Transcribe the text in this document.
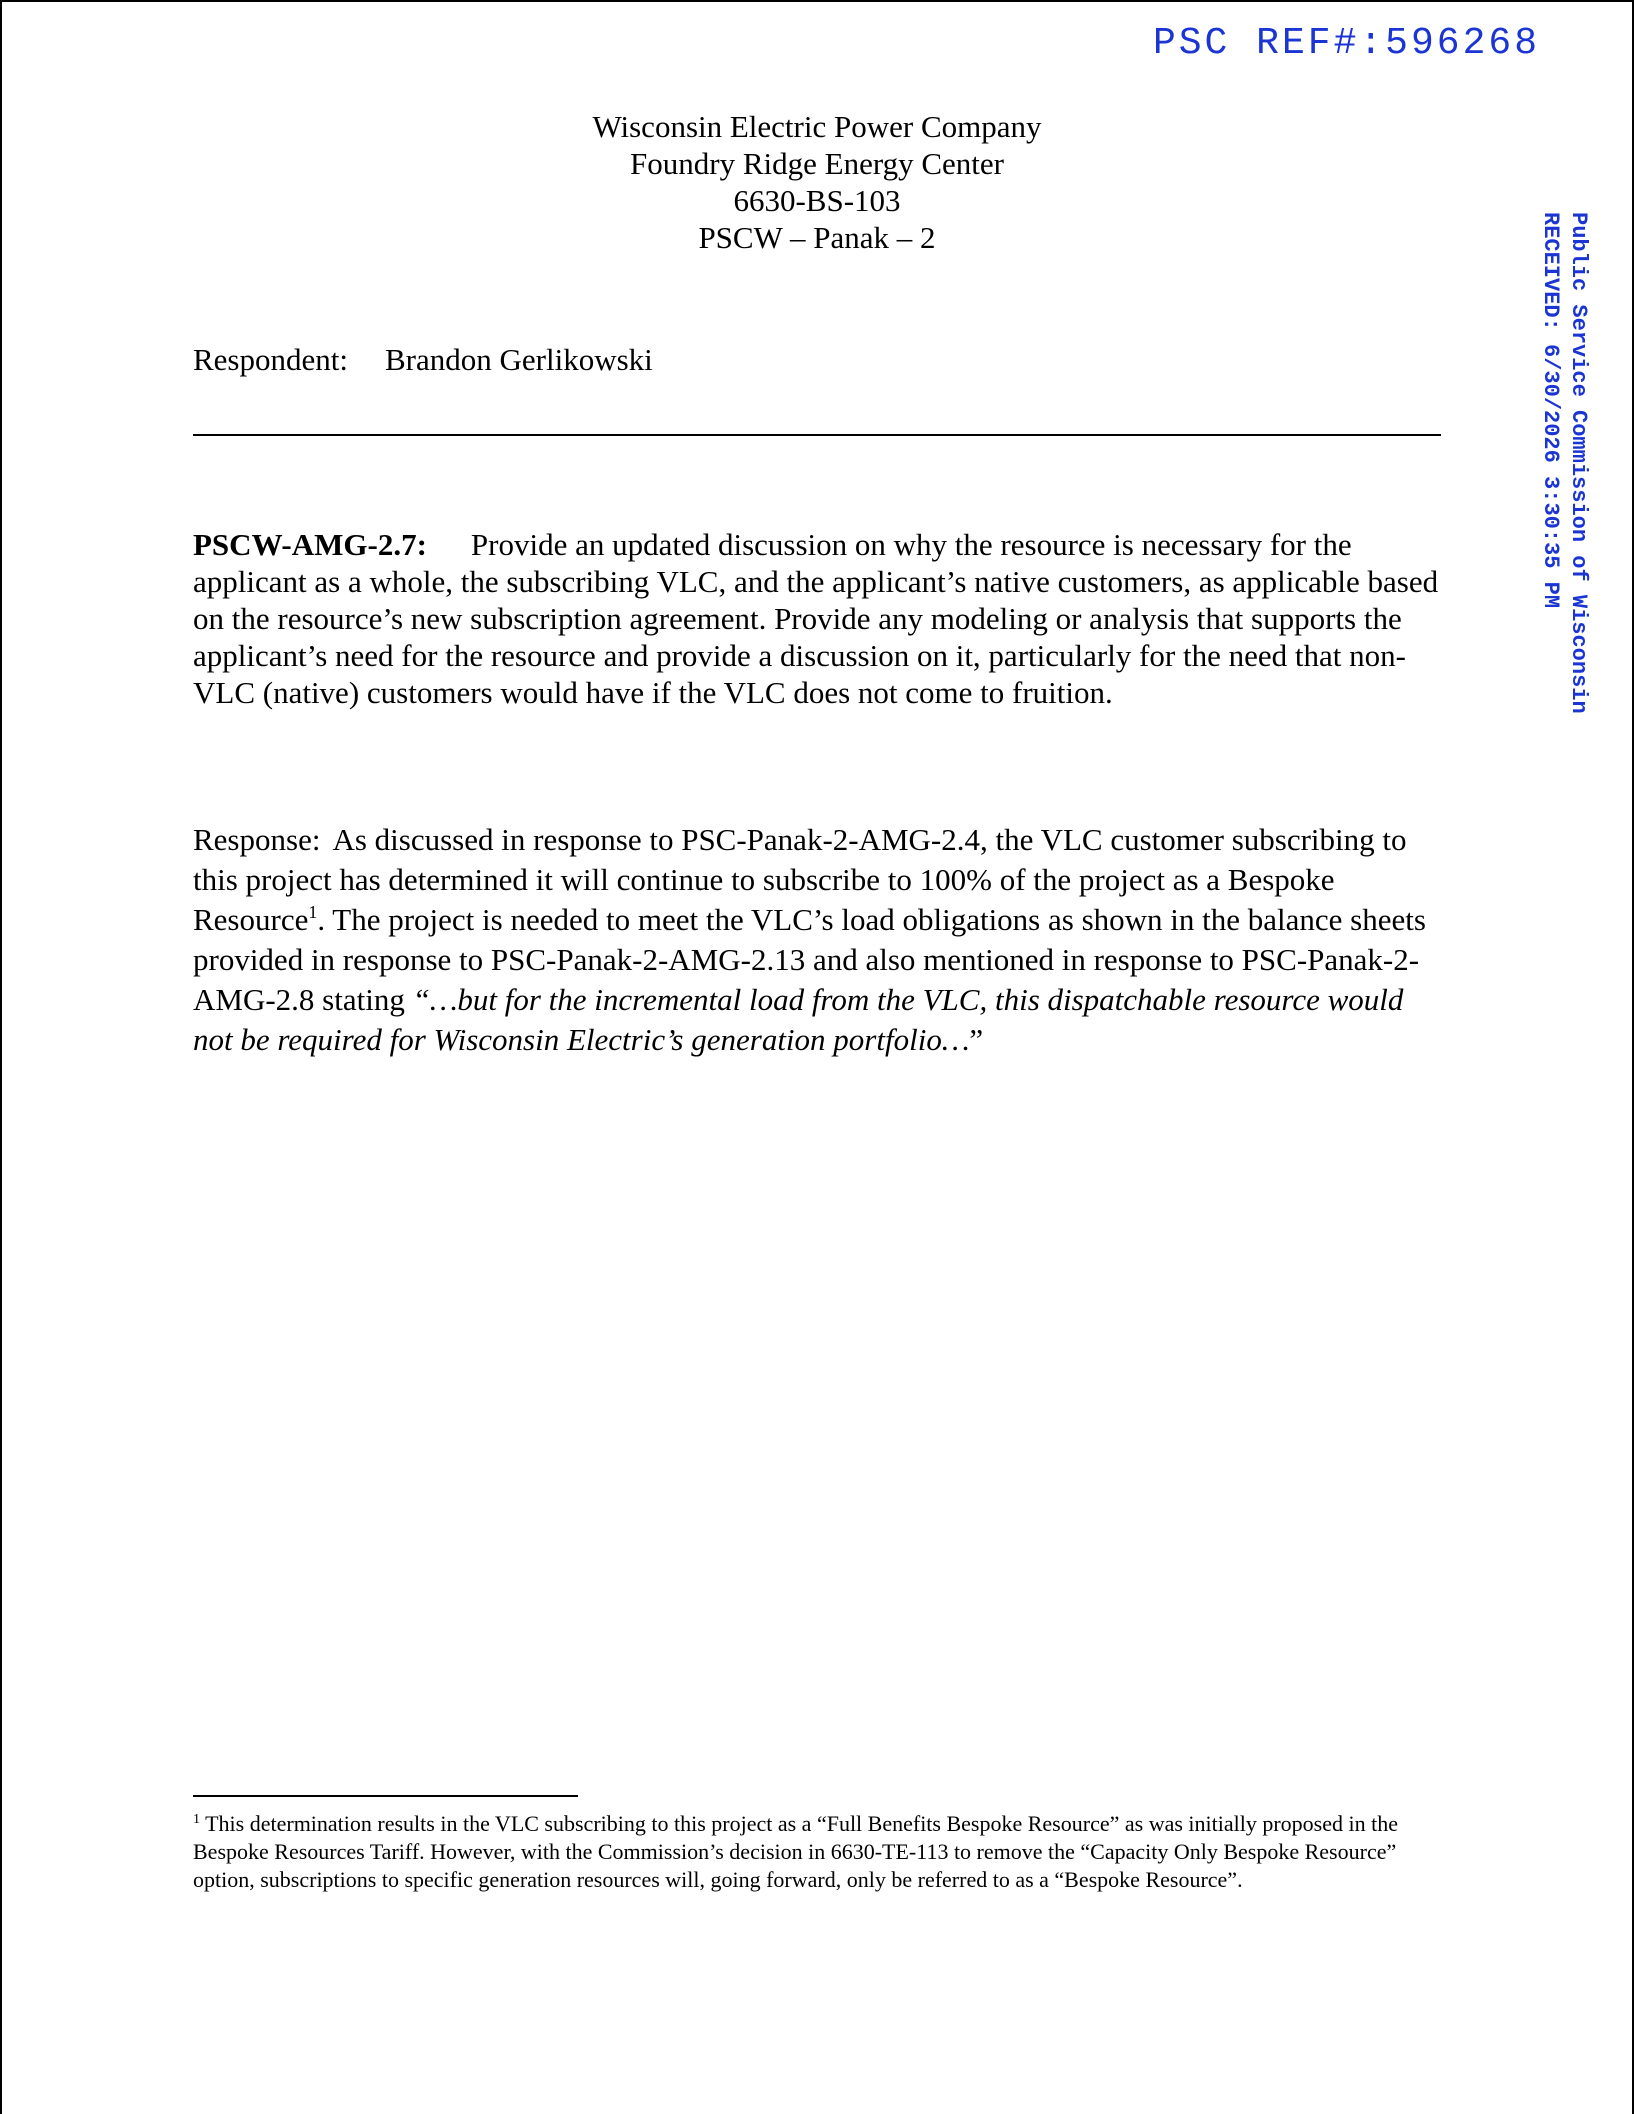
PSC REF#:596268
Public Service Commission of Wisconsin
RECEIVED: 6/30/2026 3:30:35 PM
Wisconsin Electric Power Company
Foundry Ridge Energy Center
6630-BS-103
PSCW – Panak – 2
Respondent: Brandon Gerlikowski
PSCW-AMG-2.7: Provide an updated discussion on why the resource is necessary for the applicant as a whole, the subscribing VLC, and the applicant’s native customers, as applicable based on the resource’s new subscription agreement. Provide any modeling or analysis that supports the applicant’s need for the resource and provide a discussion on it, particularly for the need that non-VLC (native) customers would have if the VLC does not come to fruition.
Response: As discussed in response to PSC-Panak-2-AMG-2.4, the VLC customer subscribing to this project has determined it will continue to subscribe to 100% of the project as a Bespoke Resource$^1$. The project is needed to meet the VLC’s load obligations as shown in the balance sheets provided in response to PSC-Panak-2-AMG-2.13 and also mentioned in response to PSC-Panak-2-AMG-2.8 stating “…but for the incremental load from the VLC, this dispatchable resource would not be required for Wisconsin Electric’s generation portfolio…”
$^1$ This determination results in the VLC subscribing to this project as a “Full Benefits Bespoke Resource” as was initially proposed in the Bespoke Resources Tariff. However, with the Commission’s decision in 6630-TE-113 to remove the “Capacity Only Bespoke Resource” option, subscriptions to specific generation resources will, going forward, only be referred to as a “Bespoke Resource”.
